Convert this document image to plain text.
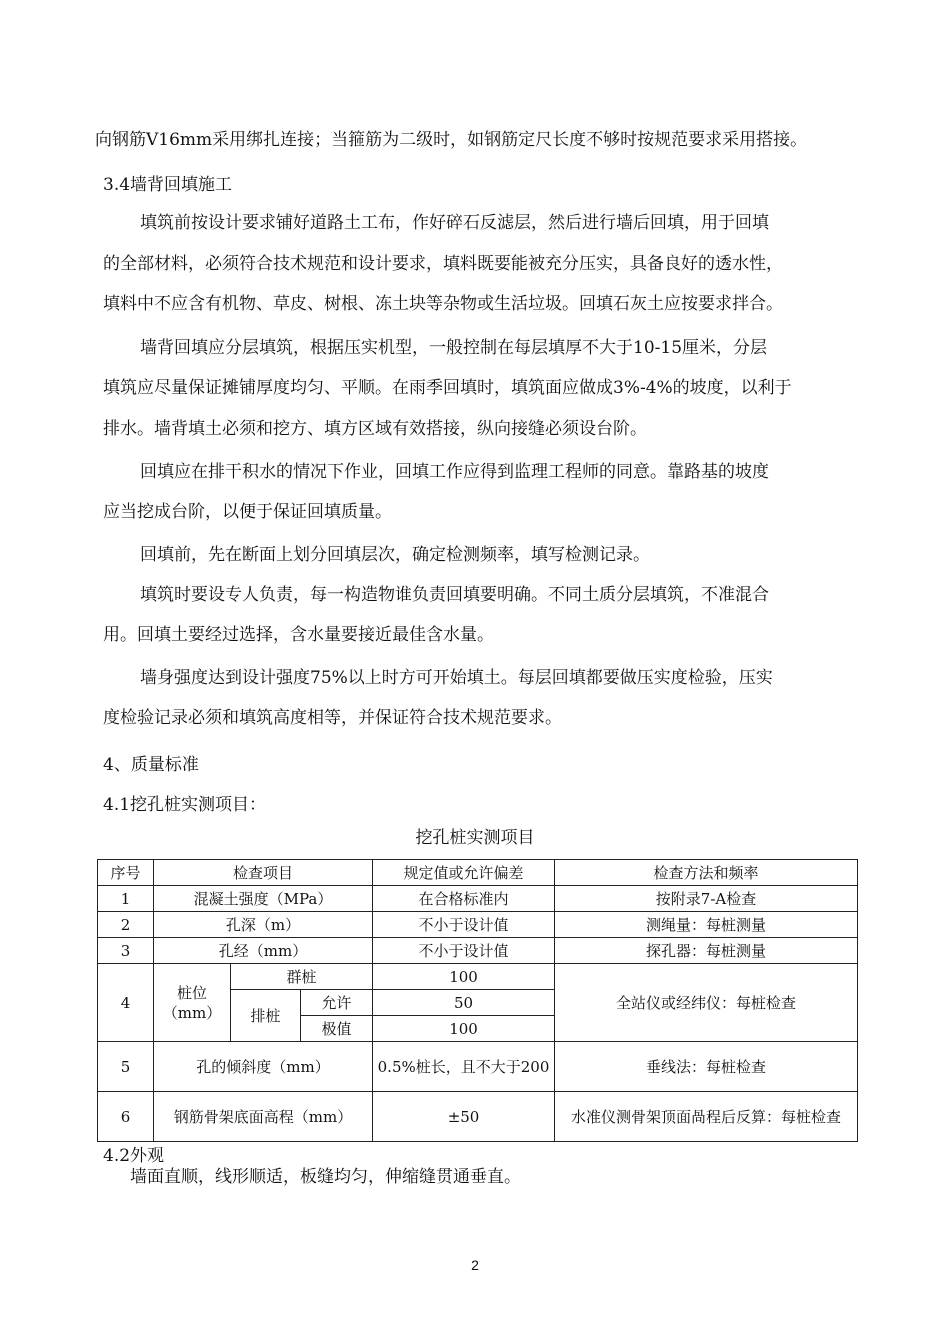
向钢筋Ⅴ16mm采用绑扎连接；当箍筋为二级时，如钢筋定尺长度不够时按规范要求采用搭接。
3.4墙背回填施工
填筑前按设计要求铺好道路土工布，作好碎石反滤层，然后进行墙后回填，用于回填
的全部材料，必须符合技术规范和设计要求，填料既要能被充分压实，具备良好的透水性，
填料中不应含有机物、草皮、树根、冻土块等杂物或生活垃圾。回填石灰土应按要求拌合。
墙背回填应分层填筑，根据压实机型，一般控制在每层填厚不大于10-15厘米，分层
填筑应尽量保证摊铺厚度均匀、平顺。在雨季回填时，填筑面应做成3%-4%的坡度，以利于
排水。墙背填土必须和挖方、填方区域有效搭接，纵向接缝必须设台阶。
回填应在排干积水的情况下作业，回填工作应得到监理工程师的同意。靠路基的坡度
应当挖成台阶，以便于保证回填质量。
回填前，先在断面上划分回填层次，确定检测频率，填写检测记录。
填筑时要设专人负责，每一构造物谁负责回填要明确。不同土质分层填筑，不准混合
用。回填土要经过选择，含水量要接近最佳含水量。
墙身强度达到设计强度75%以上时方可开始填土。每层回填都要做压实度检验，压实
度检验记录必须和填筑高度相等，并保证符合技术规范要求。
4、质量标准
4.1挖孔桩实测项目：
挖孔桩实测项目
序号	检查项目			规定值或允许偏差	检查方法和频率
1	混凝土强度（MPa）			在合格标准内	按附录7-A检查
2	孔深（m）			不小于设计值	测绳量：每桩测量
3	孔经（mm）			不小于设计值	探孔器：每桩测量
4	桩位（mm）	群桩		100	全站仪或经纬仪：每桩检查
		排桩	允许	50	
			极值	100	
5	孔的倾斜度（mm）			0.5%桩长，且不大于200	垂线法：每桩检查
6	钢筋骨架底面高程（mm）			±50	水准仪测骨架顶面咼程后反算：每桩检查
4.2外观
墙面直顺，线形顺适，板缝均匀，伸缩缝贯通垂直。
2
